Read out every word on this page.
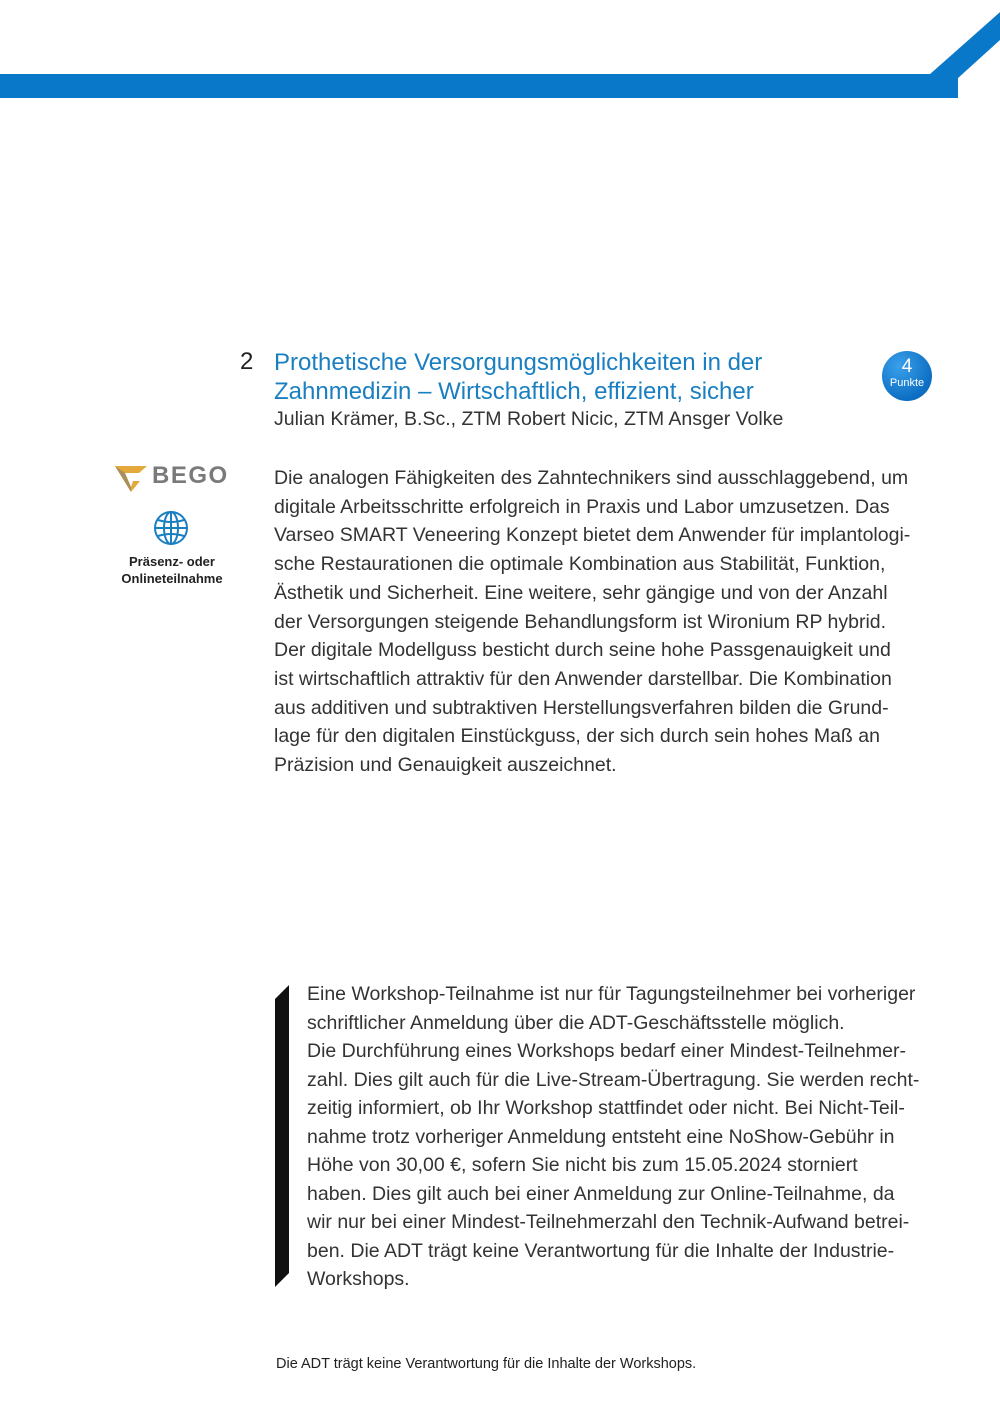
2 Prothetische Versorgungsmöglichkeiten in der Zahnmedizin – Wirtschaftlich, effizient, sicher
Julian Krämer, B.Sc., ZTM Robert Nicic, ZTM Ansger Volke
4
Punkte
BEGO
Präsenz- oder Onlineteilnahme
Die analogen Fähigkeiten des Zahntechnikers sind ausschlaggebend, um
digitale Arbeitsschritte erfolgreich in Praxis und Labor umzusetzen. Das
Varseo SMART Veneering Konzept bietet dem Anwender für implantologi-
sche Restaurationen die optimale Kombination aus Stabilität, Funktion,
Ästhetik und Sicherheit. Eine weitere, sehr gängige und von der Anzahl
der Versorgungen steigende Behandlungsform ist Wironium RP hybrid.
Der digitale Modellguss besticht durch seine hohe Passgenauigkeit und
ist wirtschaftlich attraktiv für den Anwender darstellbar. Die Kombination
aus additiven und subtraktiven Herstellungsverfahren bilden die Grund-
lage für den digitalen Einstückguss, der sich durch sein hohes Maß an
Präzision und Genauigkeit auszeichnet.
Eine Workshop-Teilnahme ist nur für Tagungsteilnehmer bei vorheriger
schriftlicher Anmeldung über die ADT-Geschäftsstelle möglich.
Die Durchführung eines Workshops bedarf einer Mindest-Teilnehmer-
zahl. Dies gilt auch für die Live-Stream-Übertragung. Sie werden recht-
zeitig informiert, ob Ihr Workshop stattfindet oder nicht. Bei Nicht-Teil-
nahme trotz vorheriger Anmeldung entsteht eine NoShow-Gebühr in
Höhe von 30,00 €, sofern Sie nicht bis zum 15.05.2024 storniert
haben. Dies gilt auch bei einer Anmeldung zur Online-Teilnahme, da
wir nur bei einer Mindest-Teilnehmerzahl den Technik-Aufwand betrei-
ben. Die ADT trägt keine Verantwortung für die Inhalte der Industrie-
Workshops.
Die ADT trägt keine Verantwortung für die Inhalte der Workshops.
